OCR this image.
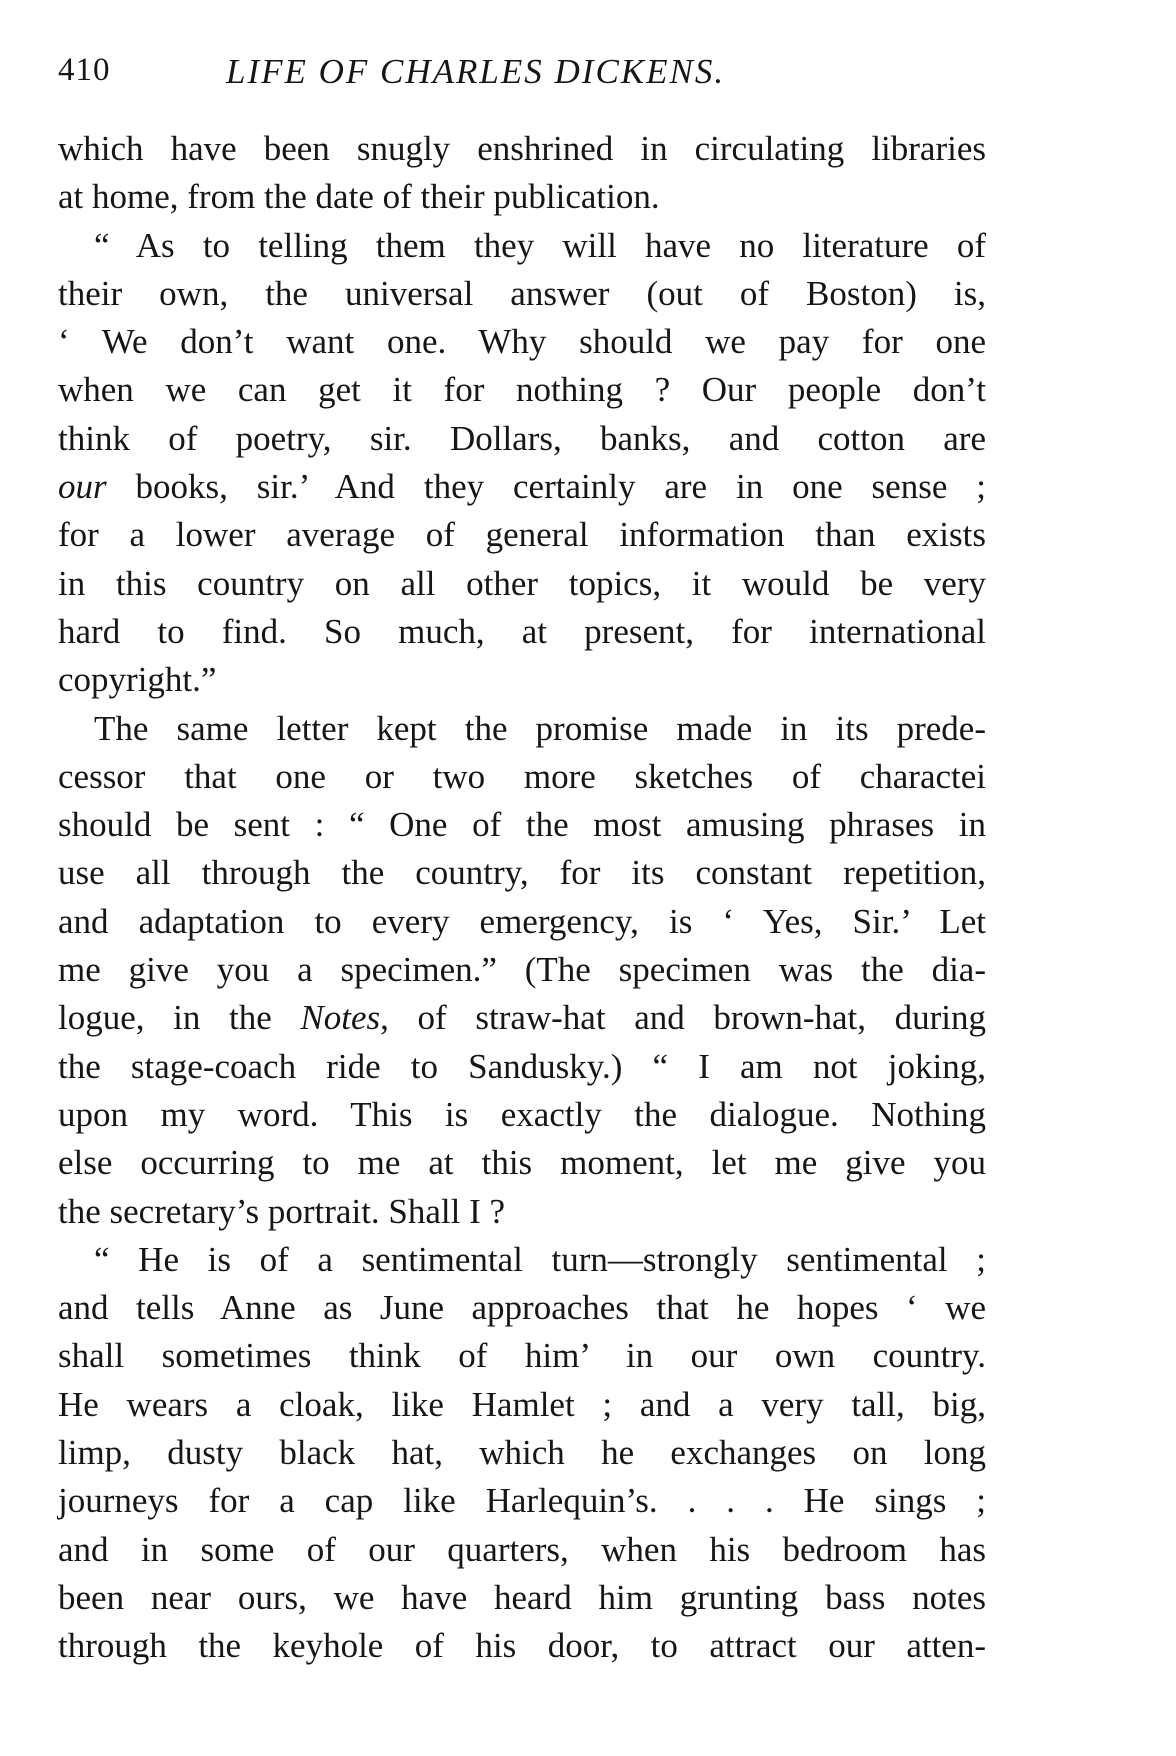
410	LIFE OF CHARLES DICKENS.
which have been snugly enshrined in circulating libraries
at home, from the date of their publication.
“ As to telling them they will have no literature of
their own, the universal answer (out of Boston) is,
‘ We don’t want one. Why should we pay for one
when we can get it for nothing ? Our people don’t
think of poetry, sir. Dollars, banks, and cotton are
our books, sir.’ And they certainly are in one sense ;
for a lower average of general information than exists
in this country on all other topics, it would be very
hard to find. So much, at present, for international
copyright.”
The same letter kept the promise made in its prede-
cessor that one or two more sketches of charactei
should be sent : “ One of the most amusing phrases in
use all through the country, for its constant repetition,
and adaptation to every emergency, is ‘ Yes, Sir.’ Let
me give you a specimen.” (The specimen was the dia-
logue, in the Notes, of straw-hat and brown-hat, during
the stage-coach ride to Sandusky.) “ I am not joking,
upon my word. This is exactly the dialogue. Nothing
else occurring to me at this moment, let me give you
the secretary’s portrait. Shall I ?
“ He is of a sentimental turn—strongly sentimental ;
and tells Anne as June approaches that he hopes ‘ we
shall sometimes think of him’ in our own country.
He wears a cloak, like Hamlet ; and a very tall, big,
limp, dusty black hat, which he exchanges on long
journeys for a cap like Harlequin’s. . . . He sings ;
and in some of our quarters, when his bedroom has
been near ours, we have heard him grunting bass notes
through the keyhole of his door, to attract our atten-
